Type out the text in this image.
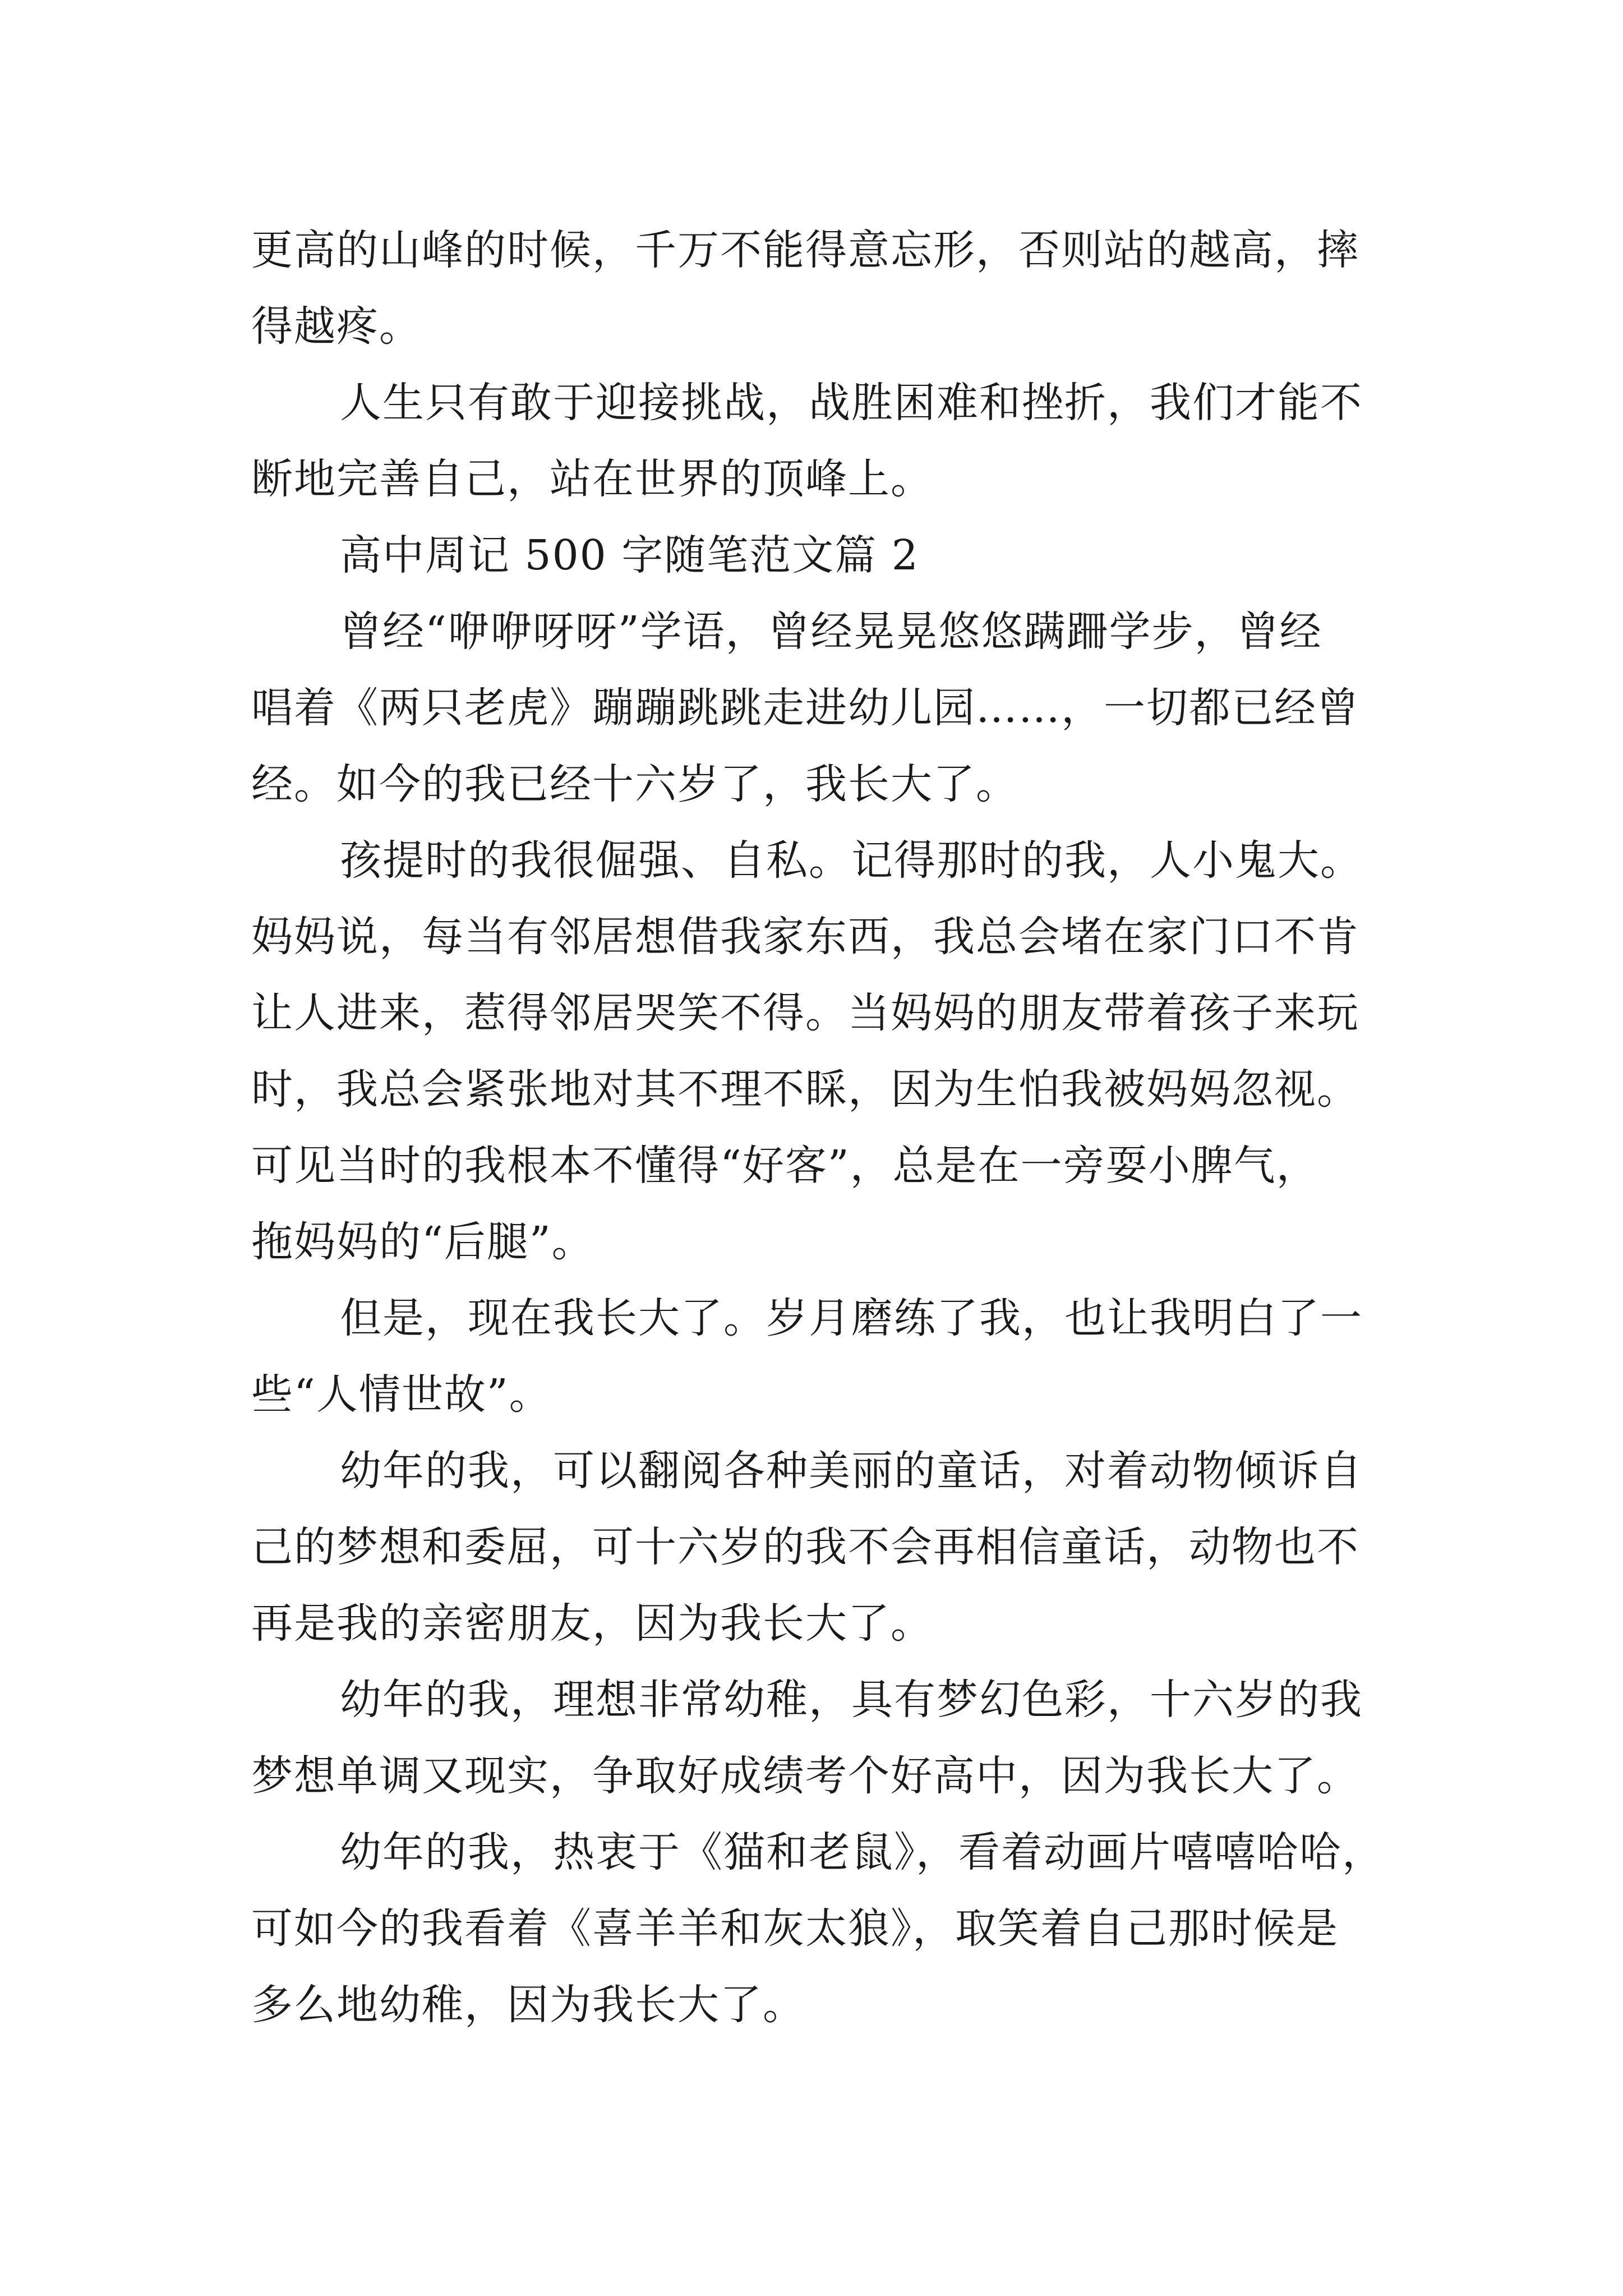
更高的山峰的时候，千万不能得意忘形，否则站的越高，摔
得越疼。

人生只有敢于迎接挑战，战胜困难和挫折，我们才能不
断地完善自己，站在世界的顶峰上。

高中周记 500 字随笔范文篇 2

曾经“咿咿呀呀”学语，曾经晃晃悠悠蹒跚学步，曾经
唱着《两只老虎》蹦蹦跳跳走进幼儿园……，一切都已经曾
经。如今的我已经十六岁了，我长大了。

孩提时的我很倔强、自私。记得那时的我，人小鬼大。
妈妈说，每当有邻居想借我家东西，我总会堵在家门口不肯
让人进来，惹得邻居哭笑不得。当妈妈的朋友带着孩子来玩
时，我总会紧张地对其不理不睬，因为生怕我被妈妈忽视。
可见当时的我根本不懂得“好客”，总是在一旁耍小脾气，
拖妈妈的“后腿”。

但是，现在我长大了。岁月磨练了我，也让我明白了一
些“人情世故”。

幼年的我，可以翻阅各种美丽的童话，对着动物倾诉自
己的梦想和委屈，可十六岁的我不会再相信童话，动物也不
再是我的亲密朋友，因为我长大了。

幼年的我，理想非常幼稚，具有梦幻色彩，十六岁的我
梦想单调又现实，争取好成绩考个好高中，因为我长大了。

幼年的我，热衷于《猫和老鼠》，看着动画片嘻嘻哈哈，
可如今的我看着《喜羊羊和灰太狼》，取笑着自己那时候是
多么地幼稚，因为我长大了。
